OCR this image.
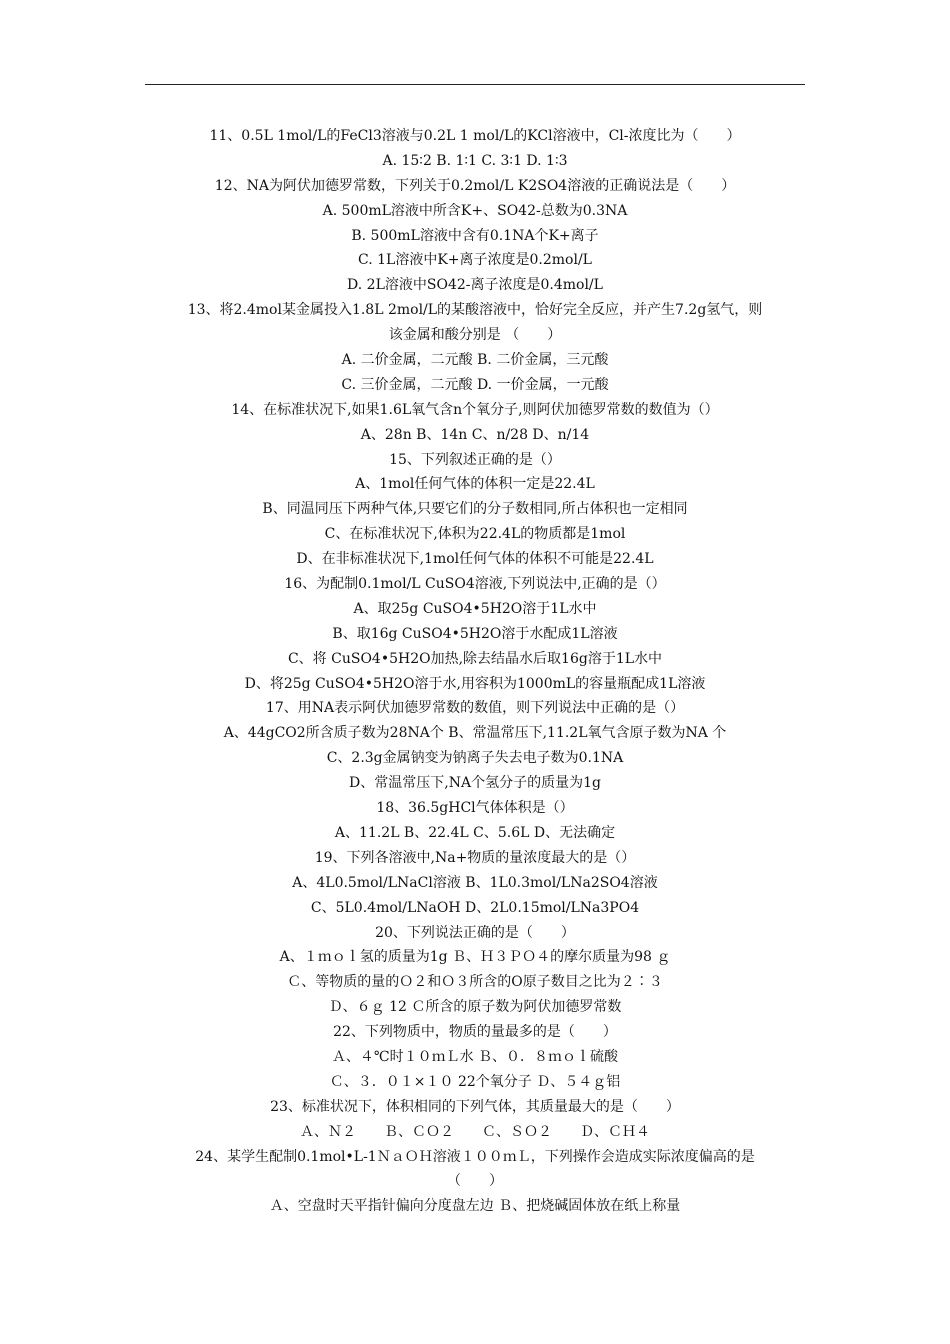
11、0.5L 1mol/L的FeCl3溶液与0.2L 1 mol/L的KCl溶液中，Cl-浓度比为（　　）
A. 15∶2 B. 1∶1 C. 3∶1 D. 1∶3
12、NA为阿伏加德罗常数，下列关于0.2mol/L K2SO4溶液的正确说法是（　　）
A. 500mL溶液中所含K+、SO42-总数为0.3NA
B. 500mL溶液中含有0.1NA个K+离子
C. 1L溶液中K+离子浓度是0.2mol/L
D. 2L溶液中SO42-离子浓度是0.4mol/L
13、将2.4mol某金属投入1.8L 2mol/L的某酸溶液中，恰好完全反应，并产生7.2g氢气，则
该金属和酸分别是 （　　）
A. 二价金属，二元酸 B. 二价金属，三元酸
C. 三价金属，二元酸 D. 一价金属，一元酸
14、在标准状况下,如果1.6L氧气含n个氧分子,则阿伏加德罗常数的数值为（）
A、28n B、14n C、n/28 D、n/14
15、下列叙述正确的是（）
A、1mol任何气体的体积一定是22.4L
B、同温同压下两种气体,只要它们的分子数相同,所占体积也一定相同
C、在标准状况下,体积为22.4L的物质都是1mol
D、在非标准状况下,1mol任何气体的体积不可能是22.4L
16、为配制0.1mol/L CuSO4溶液,下列说法中,正确的是（）
A、取25g CuSO4•5H2O溶于1L水中
B、取16g CuSO4•5H2O溶于水配成1L溶液
C、将 CuSO4•5H2O加热,除去结晶水后取16g溶于1L水中
D、将25g CuSO4•5H2O溶于水,用容积为1000mL的容量瓶配成1L溶液
17、用NA表示阿伏加德罗常数的数值，则下列说法中正确的是（）
A、44gCO2所含质子数为28NA个 B、常温常压下,11.2L氧气含原子数为NA 个
C、2.3g金属钠变为钠离子失去电子数为0.1NA
D、常温常压下,NA个氢分子的质量为1g
18、36.5gHCl气体体积是（）
A、11.2L B、22.4L C、5.6L D、无法确定
19、下列各溶液中,Na+物质的量浓度最大的是（）
A、4L0.5mol/LNaCl溶液 B、1L0.3mol/LNa2SO4溶液
C、5L0.4mol/LNaOH D、2L0.15mol/LNa3PO4
20、下列说法正确的是（　　）
A、１ｍｏｌ氢的质量为1g Ｂ、Ｈ３ＰＯ４的摩尔质量为98 ｇ
Ｃ、等物质的量的Ｏ２和Ｏ３所含的O原子数目之比为２∶３
Ｄ、６ｇ 12 Ｃ所含的原子数为阿伏加德罗常数
22、下列物质中，物质的量最多的是（　　）
Ａ、４℃时１０ｍＬ水 Ｂ、０．８ｍｏｌ硫酸
Ｃ、３．０１×１０ 22个氧分子 Ｄ、５４ｇ铝
23、标准状况下，体积相同的下列气体，其质量最大的是（　　）
Ａ、Ｎ２　　Ｂ、ＣＯ２　　Ｃ、ＳＯ２　　Ｄ、ＣＨ４
24、某学生配制0.1mol•L-1ＮａＯＨ溶液１００ｍＬ，下列操作会造成实际浓度偏高的是
（　　）
Ａ、空盘时天平指针偏向分度盘左边 Ｂ、把烧碱固体放在纸上称量
